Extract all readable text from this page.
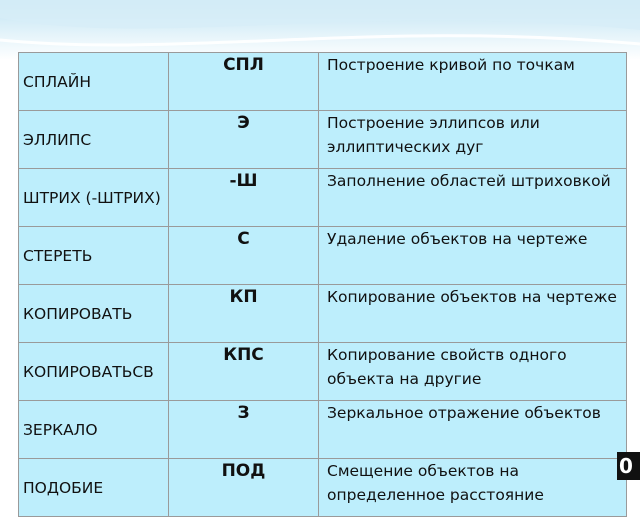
СПЛАЙН	СПЛ	Построение кривой по точкам
ЭЛЛИПС	Э	Построение эллипсов или эллиптических дуг
ШТРИХ (-ШТРИХ)	-Ш	Заполнение областей штриховкой
СТЕРЕТЬ	С	Удаление объектов на чертеже
КОПИРОВАТЬ	КП	Копирование объектов на чертеже
КОПИРОВАТЬСВ	КПС	Копирование свойств одного объекта на другие
ЗЕРКАЛО	З	Зеркальное отражение объектов
ПОДОБИЕ	ПОД	Смещение объектов на определенное расстояние
0
